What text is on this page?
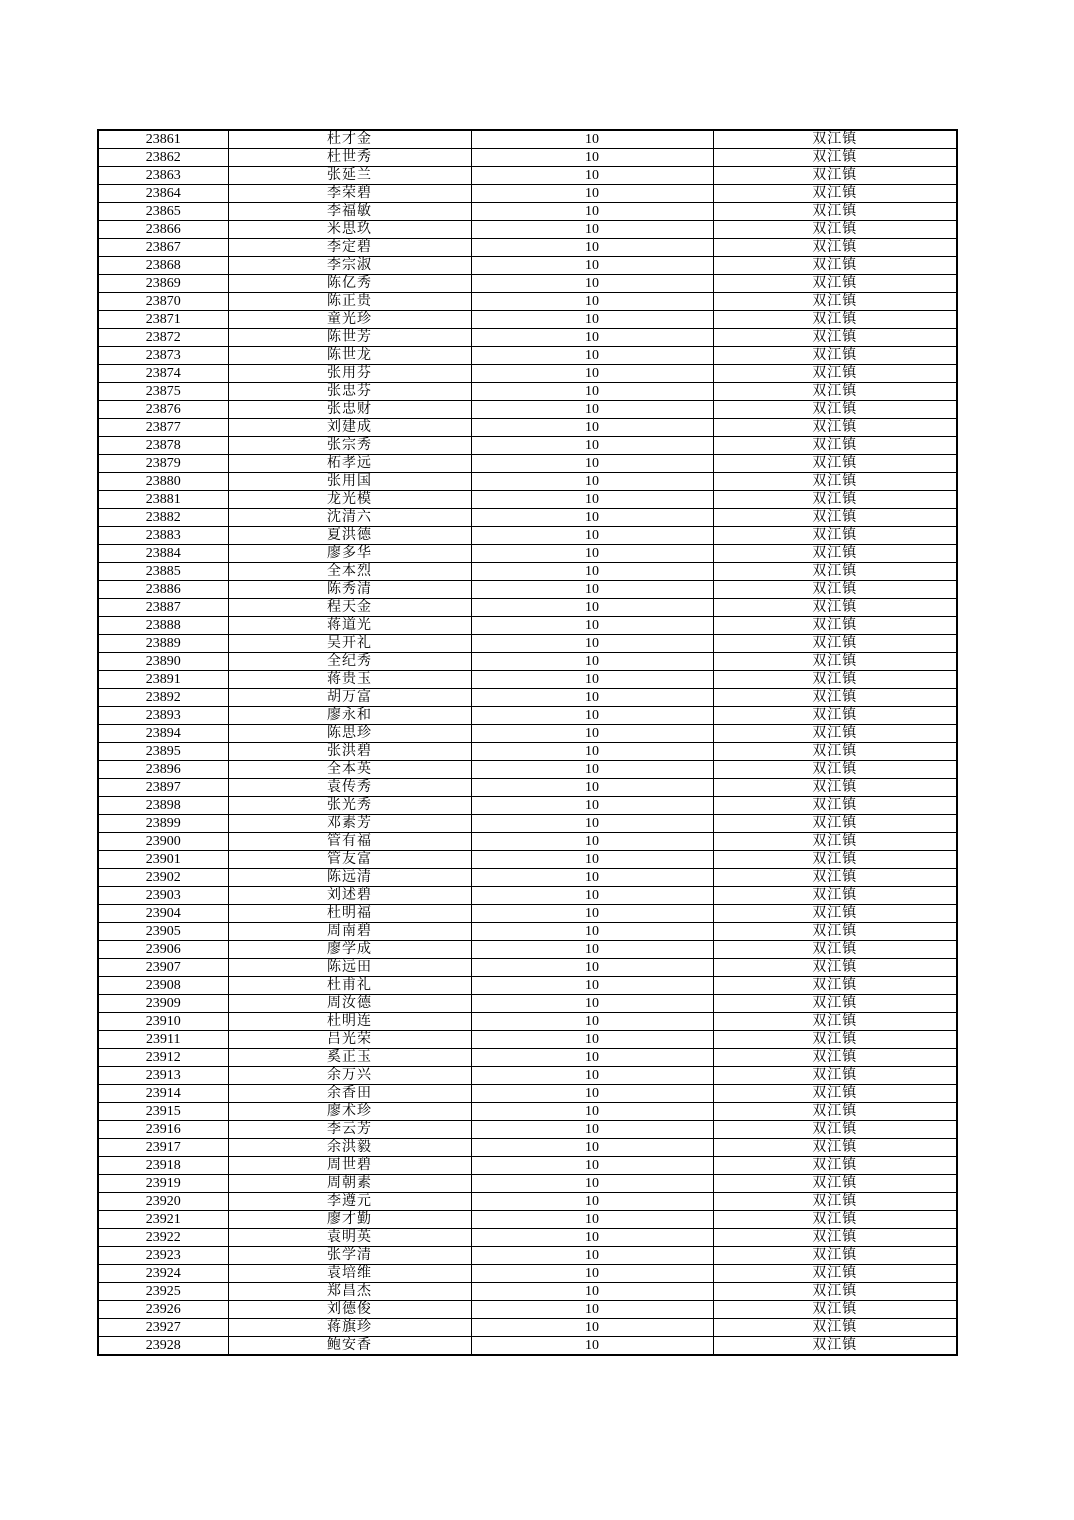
23861	杜才金	10	双江镇
23862	杜世秀	10	双江镇
23863	张延兰	10	双江镇
23864	李荣碧	10	双江镇
23865	李福敏	10	双江镇
23866	米思玖	10	双江镇
23867	李定碧	10	双江镇
23868	李宗淑	10	双江镇
23869	陈亿秀	10	双江镇
23870	陈正贵	10	双江镇
23871	童光珍	10	双江镇
23872	陈世芳	10	双江镇
23873	陈世龙	10	双江镇
23874	张用芬	10	双江镇
23875	张忠芬	10	双江镇
23876	张忠财	10	双江镇
23877	刘建成	10	双江镇
23878	张宗秀	10	双江镇
23879	柘孝远	10	双江镇
23880	张用国	10	双江镇
23881	龙光模	10	双江镇
23882	沈清六	10	双江镇
23883	夏洪德	10	双江镇
23884	廖多华	10	双江镇
23885	全本烈	10	双江镇
23886	陈秀清	10	双江镇
23887	程天金	10	双江镇
23888	蒋道光	10	双江镇
23889	吴开礼	10	双江镇
23890	全纪秀	10	双江镇
23891	蒋贵玉	10	双江镇
23892	胡万富	10	双江镇
23893	廖永和	10	双江镇
23894	陈思珍	10	双江镇
23895	张洪碧	10	双江镇
23896	全本英	10	双江镇
23897	袁传秀	10	双江镇
23898	张光秀	10	双江镇
23899	邓素芳	10	双江镇
23900	管有福	10	双江镇
23901	管友富	10	双江镇
23902	陈远清	10	双江镇
23903	刘述碧	10	双江镇
23904	杜明福	10	双江镇
23905	周南碧	10	双江镇
23906	廖学成	10	双江镇
23907	陈远田	10	双江镇
23908	杜甫礼	10	双江镇
23909	周汝德	10	双江镇
23910	杜明连	10	双江镇
23911	吕光荣	10	双江镇
23912	奚正玉	10	双江镇
23913	余万兴	10	双江镇
23914	余香田	10	双江镇
23915	廖术珍	10	双江镇
23916	李云芳	10	双江镇
23917	余洪毅	10	双江镇
23918	周世碧	10	双江镇
23919	周朝素	10	双江镇
23920	李遵元	10	双江镇
23921	廖才勤	10	双江镇
23922	袁明英	10	双江镇
23923	张学清	10	双江镇
23924	袁培维	10	双江镇
23925	郑昌杰	10	双江镇
23926	刘德俊	10	双江镇
23927	蒋旗珍	10	双江镇
23928	鲍安香	10	双江镇
